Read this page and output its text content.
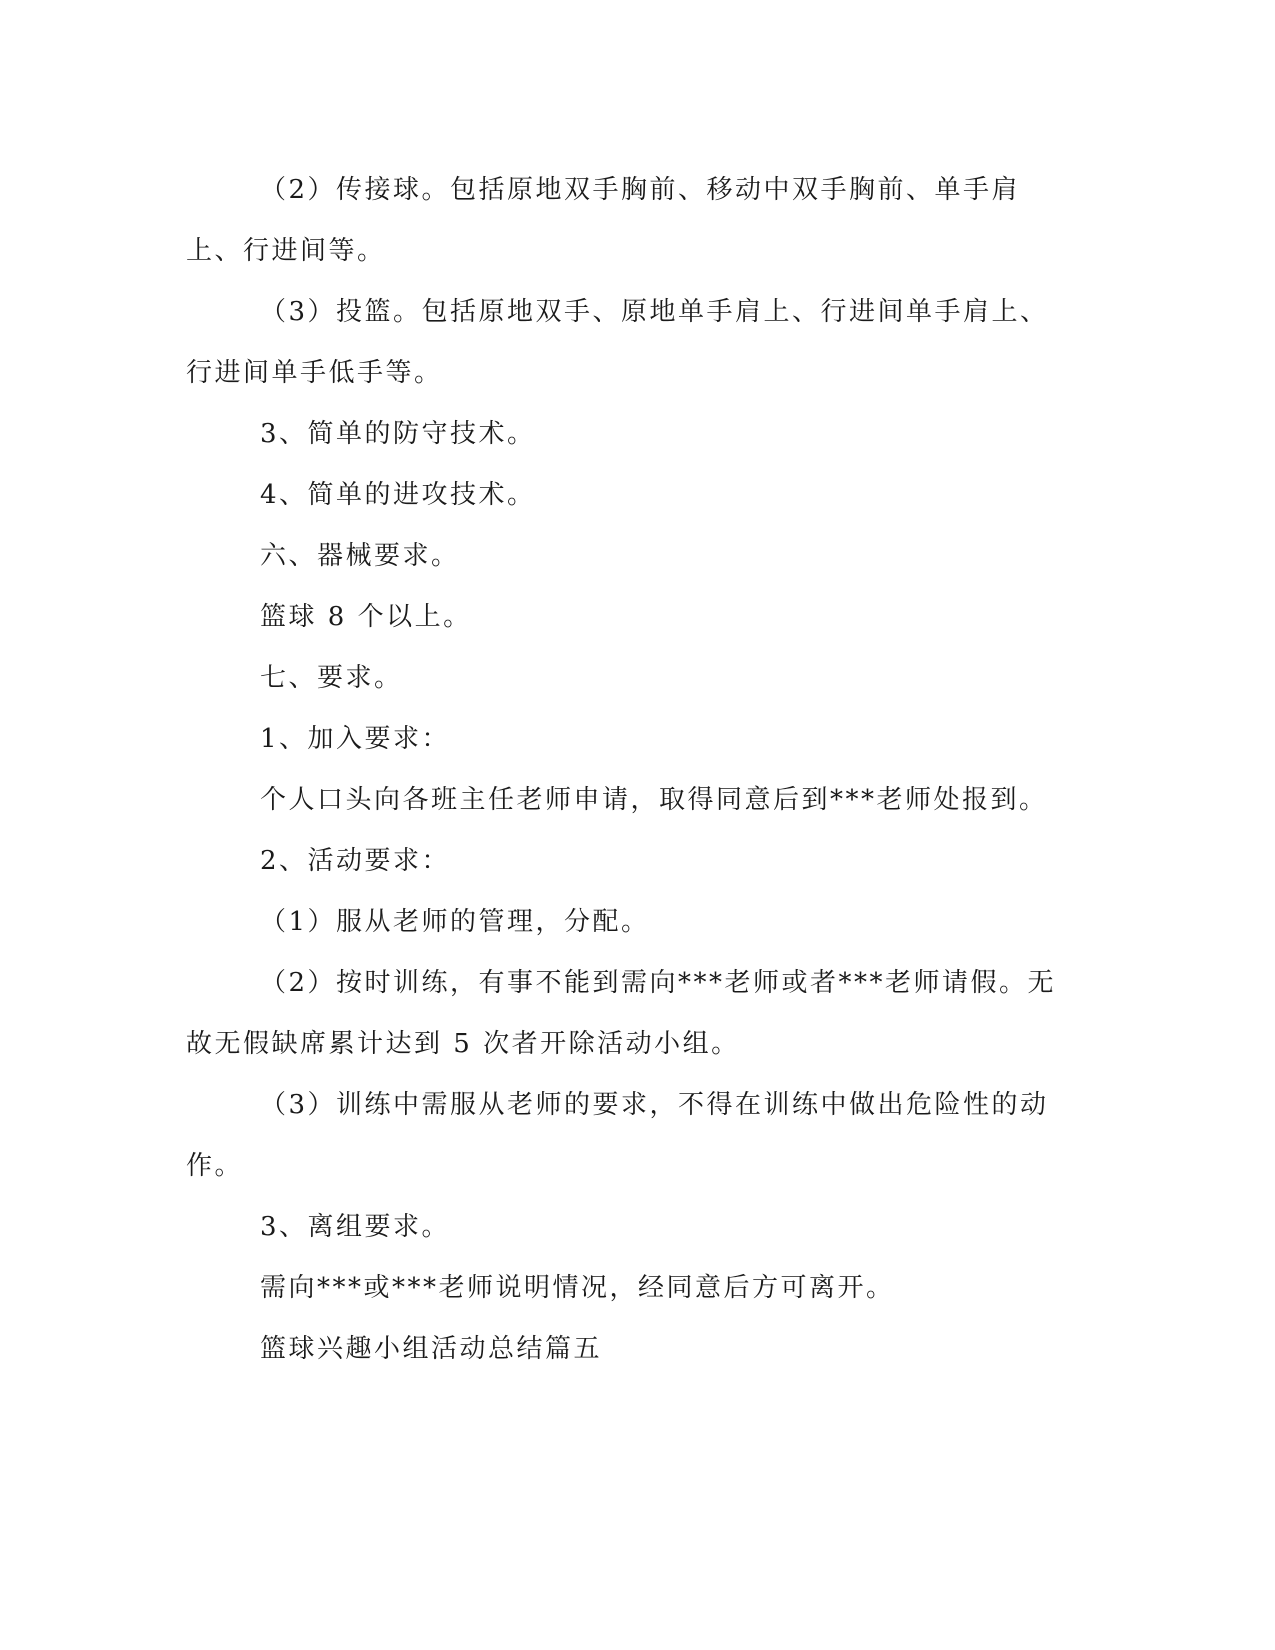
（2）传接球。包括原地双手胸前、移动中双手胸前、单手肩上、行进间等。

（3）投篮。包括原地双手、原地单手肩上、行进间单手肩上、行进间单手低手等。

3、简单的防守技术。

4、简单的进攻技术。

六、器械要求。

篮球 8 个以上。

七、要求。

1、加入要求：

个人口头向各班主任老师申请，取得同意后到***老师处报到。

2、活动要求：

（1）服从老师的管理，分配。

（2）按时训练，有事不能到需向***老师或者***老师请假。无故无假缺席累计达到 5 次者开除活动小组。

（3）训练中需服从老师的要求，不得在训练中做出危险性的动作。

3、离组要求。

需向***或***老师说明情况，经同意后方可离开。

篮球兴趣小组活动总结篇五
